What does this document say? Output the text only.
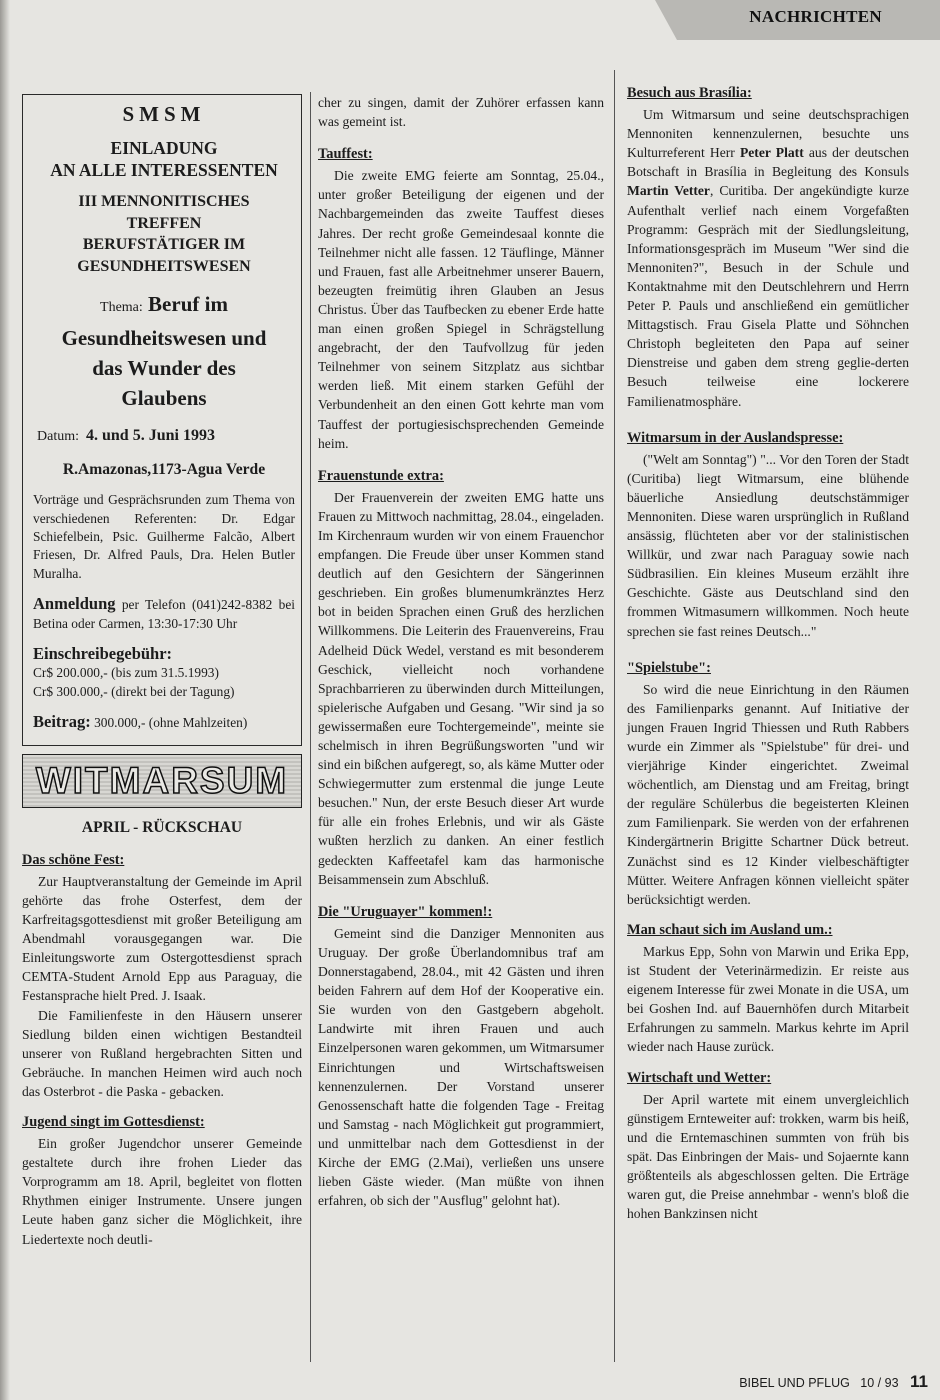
NACHRICHTEN
SMSM
EINLADUNG
AN ALLE INTERESSENTEN
III MENNONITISCHES
TREFFEN
BERUFSTÄTIGER IM
GESUNDHEITSWESEN
Thema: Beruf im
Gesundheitswesen und
das Wunder des
Glaubens
Datum: 4. und 5. Juni 1993
R.Amazonas,1173-Agua Verde
Vorträge und Gesprächsrunden zum Thema von verschiedenen Referenten: Dr. Edgar Schiefelbein, Psic. Guilherme Falcão, Albert Friesen, Dr. Alfred Pauls, Dra. Helen Butler Muralha.
Anmeldung per Telefon (041)242-8382 bei Betina oder Carmen, 13:30-17:30 Uhr
Einschreibegebühr:
Cr$ 200.000,- (bis zum 31.5.1993)
Cr$ 300.000,- (direkt bei der Tagung)
Beitrag: 300.000,- (ohne Mahlzeiten)
WITMARSUM
APRIL - RÜCKSCHAU
Das schöne Fest:

Zur Hauptveranstaltung der Gemeinde im April gehörte das frohe Osterfest, dem der Karfreitagsgottesdienst mit großer Beteiligung am Abendmahl vorausgegangen war. Die Einleitungsworte zum Ostergottesdienst sprach CEMTA-Student Arnold Epp aus Paraguay, die Festansprache hielt Pred. J. Isaak.

Die Familienfeste in den Häusern unserer Siedlung bilden einen wichtigen Bestandteil unserer von Rußland hergebrachten Sitten und Gebräuche. In manchen Heimen wird auch noch das Osterbrot - die Paska - gebacken.

Jugend singt im Gottesdienst:

Ein großer Jugendchor unserer Gemeinde gestaltete durch ihre frohen Lieder das Vorprogramm am 18. April, begleitet von flotten Rhythmen einiger Instrumente. Unsere jungen Leute haben ganz sicher die Möglichkeit, ihre Liedertexte noch deutli-

cher zu singen, damit der Zuhörer erfassen kann was gemeint ist.

Tauffest:

Die zweite EMG feierte am Sonntag, 25.04., unter großer Beteiligung der eigenen und der Nachbargemeinden das zweite Tauffest dieses Jahres. Der recht große Gemeindesaal konnte die Teilnehmer nicht alle fassen. 12 Täuflinge, Männer und Frauen, fast alle Arbeitnehmer unserer Bauern, bezeugten freimütig ihren Glauben an Jesus Christus. Über das Taufbecken zu ebener Erde hatte man einen großen Spiegel in Schrägstellung angebracht, der den Taufvollzug für jeden Teilnehmer von seinem Sitzplatz aus sichtbar werden ließ. Mit einem starken Gefühl der Verbundenheit an den einen Gott kehrte man vom Tauffest der portugiesischsprechenden Gemeinde heim.

Frauenstunde extra:

Der Frauenverein der zweiten EMG hatte uns Frauen zu Mittwoch nachmittag, 28.04., eingeladen. Im Kirchenraum wurden wir von einem Frauenchor empfangen. Die Freude über unser Kommen stand deutlich auf den Gesichtern der Sängerinnen geschrieben. Ein großes blumenumkränztes Herz bot in beiden Sprachen einen Gruß des herzlichen Willkommens. Die Leiterin des Frauenvereins, Frau Adelheid Dück Wedel, verstand es mit besonderem Geschick, vielleicht noch vorhandene Sprachbarrieren zu überwinden durch Mitteilungen, spielerische Aufgaben und Gesang. "Wir sind ja so gewissermaßen eure Tochtergemeinde", meinte sie schelmisch in ihren Begrüßungsworten "und wir sind ein bißchen aufgeregt, so, als käme Mutter oder Schwiegermutter zum erstenmal die junge Leute besuchen." Nun, der erste Besuch dieser Art wurde für alle ein frohes Erlebnis, und wir als Gäste wußten herzlich zu danken. An einer festlich gedeckten Kaffeetafel kam das harmonische Beisammensein zum Abschluß.

Die "Uruguayer" kommen!:

Gemeint sind die Danziger Mennoniten aus Uruguay. Der große Überlandomnibus traf am Donnerstagabend, 28.04., mit 42 Gästen und ihren beiden Fahrern auf dem Hof der Kooperative ein. Sie wurden von den Gastgebern abgeholt. Landwirte mit ihren Frauen und auch Einzelpersonen waren gekommen, um Witmarsumer Einrichtungen und Wirtschaftsweisen kennenzulernen. Der Vorstand unserer Genossenschaft hatte die folgenden Tage - Freitag und Samstag - nach Möglichkeit gut programmiert, und unmittelbar nach dem Gottesdienst in der Kirche der EMG (2.Mai), verließen uns unsere lieben Gäste wieder. (Man müßte von ihnen erfahren, ob sich der "Ausflug" gelohnt hat).

Besuch aus Brasília:

Um Witmarsum und seine deutschsprachigen Mennoniten kennenzulernen, besuchte uns Kulturreferent Herr Peter Platt aus der deutschen Botschaft in Brasília in Begleitung des Konsuls Martin Vetter, Curitiba. Der angekündigte kurze Aufenthalt verlief nach einem Vorgefaßten Programm: Gespräch mit der Siedlungsleitung, Informationsgespräch im Museum "Wer sind die Mennoniten?", Besuch in der Schule und Kontaktnahme mit den Deutschlehrern und Herrn Peter P. Pauls und anschließend ein gemütlicher Mittagstisch. Frau Gisela Platte und Söhnchen Christoph begleiteten den Papa auf seiner Dienstreise und gaben dem streng geglie-derten Besuch teilweise eine lockerere Familienatmosphäre.

Witmarsum in der Auslandspresse:

("Welt am Sonntag") "... Vor den Toren der Stadt (Curitiba) liegt Witmarsum, eine blühende bäuerliche Ansiedlung deutschstämmiger Mennoniten. Diese waren ursprünglich in Rußland ansässig, flüchteten aber vor der stalinistischen Willkür, und zwar nach Paraguay sowie nach Südbrasilien. Ein kleines Museum erzählt ihre Geschichte. Gäste aus Deutschland sind den frommen Witmasumern willkommen. Noch heute sprechen sie fast reines Deutsch..."

"Spielstube":

So wird die neue Einrichtung in den Räumen des Familienparks genannt. Auf Initiative der jungen Frauen Ingrid Thiessen und Ruth Rabbers wurde ein Zimmer als "Spielstube" für drei- und vierjährige Kinder eingerichtet. Zweimal wöchentlich, am Dienstag und am Freitag, bringt der reguläre Schülerbus die begeisterten Kleinen zum Familienpark. Sie werden von der erfahrenen Kindergärtnerin Brigitte Schartner Dück betreut. Zunächst sind es 12 Kinder vielbeschäftigter Mütter. Weitere Anfragen können vielleicht später berücksichtigt werden.

Man schaut sich im Ausland um.:

Markus Epp, Sohn von Marwin und Erika Epp, ist Student der Veterinärmedizin. Er reiste aus eigenem Interesse für zwei Monate in die USA, um bei Goshen Ind. auf Bauernhöfen durch Mitarbeit Erfahrungen zu sammeln. Markus kehrte im April wieder nach Hause zurück.

Wirtschaft und Wetter:

Der April wartete mit einem unvergleichlich günstigem Ernteweiter auf: trokken, warm bis heiß, und die Erntemaschinen summten von früh bis spät. Das Einbringen der Mais- und Sojaernte kann größtenteils als abgeschlossen gelten. Die Erträge waren gut, die Preise annehmbar - wenn's bloß die hohen Bankzinsen nicht

BIBEL UND PFLUG 10 / 93 11
